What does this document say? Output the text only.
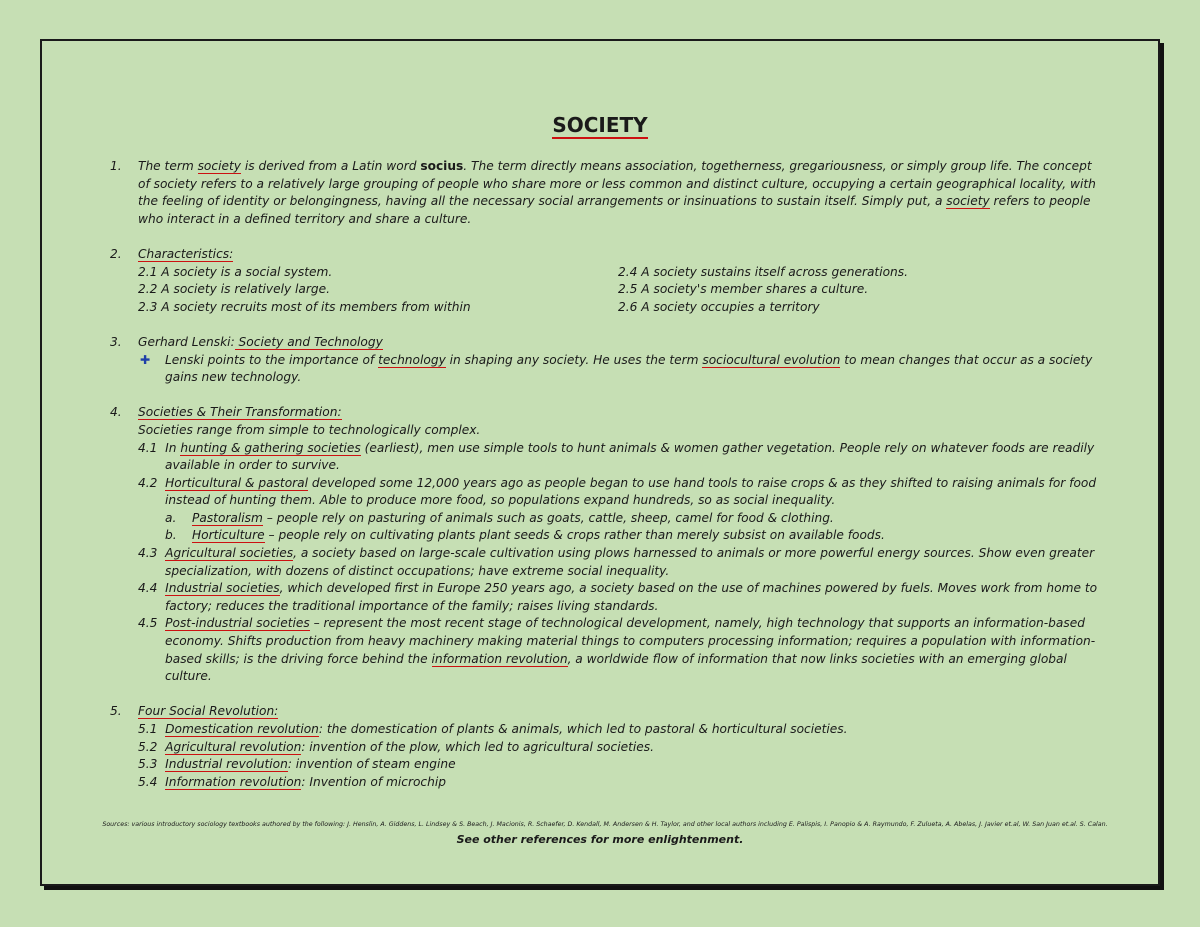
SOCIETY
1. The term society is derived from a Latin word socius. The term directly means association, togetherness, gregariousness, or simply group life. The concept of society refers to a relatively large grouping of people who share more or less common and distinct culture, occupying a certain geographical locality, with the feeling of identity or belongingness, having all the necessary social arrangements or insinuations to sustain itself. Simply put, a society refers to people who interact in a defined territory and share a culture.
2. Characteristics:
2.1 A society is a social system.
2.2 A society is relatively large.
2.3 A society recruits most of its members from within
2.4 A society sustains itself across generations.
2.5 A society's member shares a culture.
2.6 A society occupies a territory
3. Gerhard Lenski: Society and Technology
✚ Lenski points to the importance of technology in shaping any society. He uses the term sociocultural evolution to mean changes that occur as a society gains new technology.
4. Societies & Their Transformation:
Societies range from simple to technologically complex.
4.1 In hunting & gathering societies (earliest), men use simple tools to hunt animals & women gather vegetation. People rely on whatever foods are readily available in order to survive.
4.2 Horticultural & pastoral developed some 12,000 years ago as people began to use hand tools to raise crops & as they shifted to raising animals for food instead of hunting them. Able to produce more food, so populations expand hundreds, so as social inequality.
a. Pastoralism – people rely on pasturing of animals such as goats, cattle, sheep, camel for food & clothing.
b. Horticulture – people rely on cultivating plants plant seeds & crops rather than merely subsist on available foods.
4.3 Agricultural societies, a society based on large-scale cultivation using plows harnessed to animals or more powerful energy sources. Show even greater specialization, with dozens of distinct occupations; have extreme social inequality.
4.4 Industrial societies, which developed first in Europe 250 years ago, a society based on the use of machines powered by fuels. Moves work from home to factory; reduces the traditional importance of the family; raises living standards.
4.5 Post-industrial societies – represent the most recent stage of technological development, namely, high technology that supports an information-based economy. Shifts production from heavy machinery making material things to computers processing information; requires a population with information-based skills; is the driving force behind the information revolution, a worldwide flow of information that now links societies with an emerging global culture.
5. Four Social Revolution:
5.1 Domestication revolution: the domestication of plants & animals, which led to pastoral & horticultural societies.
5.2 Agricultural revolution: invention of the plow, which led to agricultural societies.
5.3 Industrial revolution: invention of steam engine
5.4 Information revolution: Invention of microchip
Sources: various introductory sociology textbooks authored by the following: J. Henslin, A. Giddens, L. Lindsey & S. Beach, J. Macionis, R. Schaefer, D. Kendall, M. Andersen & H. Taylor, and other local authors including E. Palispis, I. Panopio & A. Raymundo, F. Zulueta, A. Abelas, J. Javier et.al, W. San Juan et.al. S. Calan.
See other references for more enlightenment.
